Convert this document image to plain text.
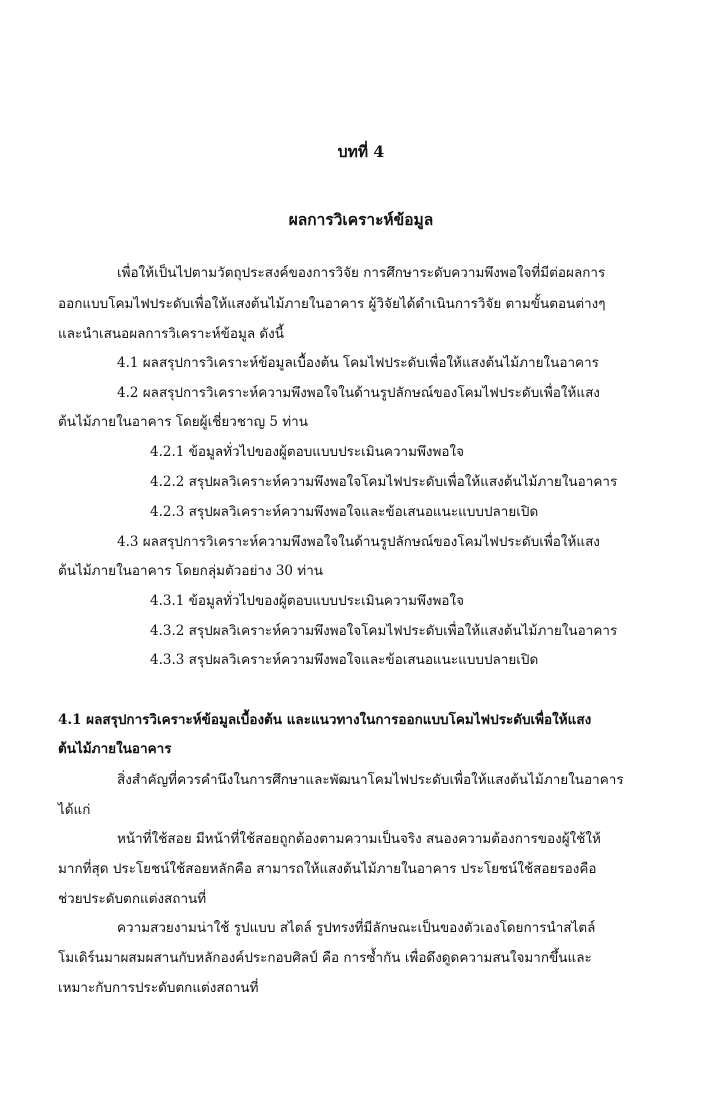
บทที่ 4
ผลการวิเคราะห์ข้อมูล
เพื่อให้เป็นไปตามวัตถุประสงค์ของการวิจัย การศึกษาระดับความพึงพอใจที่มีต่อผลการ
ออกแบบโคมไฟประดับเพื่อให้แสงต้นไม้ภายในอาคาร ผู้วิจัยได้ดำเนินการวิจัย ตามขั้นตอนต่างๆ
และนำเสนอผลการวิเคราะห์ข้อมูล ดังนี้
4.1 ผลสรุปการวิเคราะห์ข้อมูลเบื้องต้น โคมไฟประดับเพื่อให้แสงต้นไม้ภายในอาคาร
4.2 ผลสรุปการวิเคราะห์ความพึงพอใจในด้านรูปลักษณ์ของโคมไฟประดับเพื่อให้แสง
ต้นไม้ภายในอาคาร โดยผู้เชี่ยวชาญ 5 ท่าน
4.2.1 ข้อมูลทั่วไปของผู้ตอบแบบประเมินความพึงพอใจ
4.2.2 สรุปผลวิเคราะห์ความพึงพอใจโคมไฟประดับเพื่อให้แสงต้นไม้ภายในอาคาร
4.2.3 สรุปผลวิเคราะห์ความพึงพอใจและข้อเสนอแนะแบบปลายเปิด
4.3 ผลสรุปการวิเคราะห์ความพึงพอใจในด้านรูปลักษณ์ของโคมไฟประดับเพื่อให้แสง
ต้นไม้ภายในอาคาร โดยกลุ่มตัวอย่าง 30 ท่าน
4.3.1 ข้อมูลทั่วไปของผู้ตอบแบบประเมินความพึงพอใจ
4.3.2 สรุปผลวิเคราะห์ความพึงพอใจโคมไฟประดับเพื่อให้แสงต้นไม้ภายในอาคาร
4.3.3 สรุปผลวิเคราะห์ความพึงพอใจและข้อเสนอแนะแบบปลายเปิด
4.1 ผลสรุปการวิเคราะห์ข้อมูลเบื้องต้น และแนวทางในการออกแบบโคมไฟประดับเพื่อให้แสง
ต้นไม้ภายในอาคาร
สิ่งสำคัญที่ควรคำนึงในการศึกษาและพัฒนาโคมไฟประดับเพื่อให้แสงต้นไม้ภายในอาคาร
ได้แก่
หน้าที่ใช้สอย มีหน้าที่ใช้สอยถูกต้องตามความเป็นจริง สนองความต้องการของผู้ใช้ให้
มากที่สุด ประโยชน์ใช้สอยหลักคือ สามารถให้แสงต้นไม้ภายในอาคาร ประโยชน์ใช้สอยรองคือ
ช่วยประดับตกแต่งสถานที่
ความสวยงามน่าใช้ รูปแบบ สไตล์ รูปทรงที่มีลักษณะเป็นของตัวเองโดยการนำสไตล์
โมเดิร์นมาผสมผสานกับหลักองค์ประกอบศิลป์ คือ การซ้ำกัน เพื่อดึงดูดความสนใจมากขึ้นและ
เหมาะกับการประดับตกแต่งสถานที่
